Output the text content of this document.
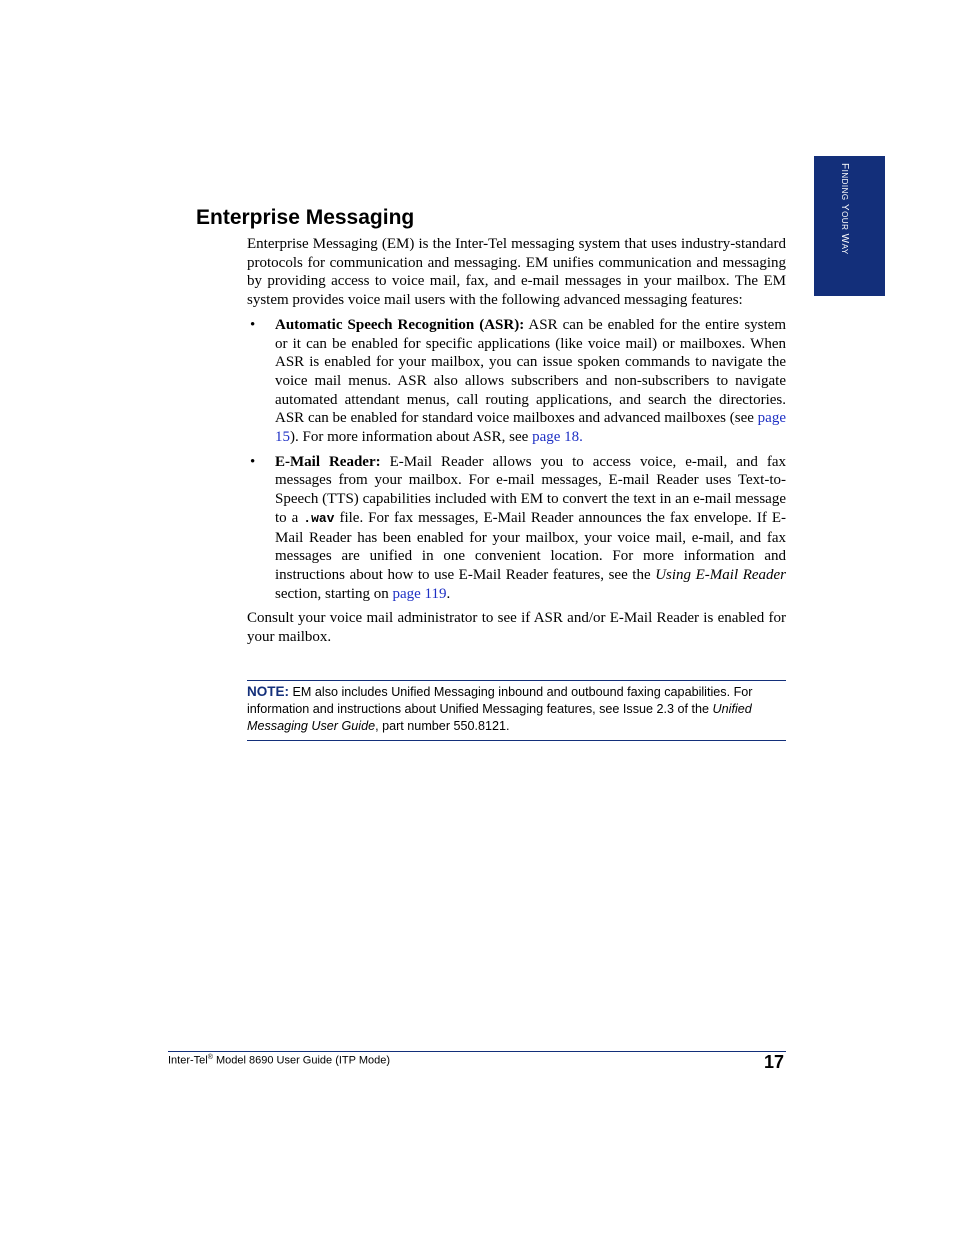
FINDING YOUR WAY
Enterprise Messaging

Enterprise Messaging (EM) is the Inter-Tel messaging system that uses industry-standard protocols for communication and messaging. EM unifies communication and messaging by providing access to voice mail, fax, and e-mail messages in your mailbox. The EM system provides voice mail users with the following advanced messaging features:

• Automatic Speech Recognition (ASR): ASR can be enabled for the entire system or it can be enabled for specific applications (like voice mail) or mailboxes. When ASR is enabled for your mailbox, you can issue spoken commands to navigate the voice mail menus. ASR also allows subscribers and non-subscribers to navigate automated attendant menus, call routing applications, and search the directories. ASR can be enabled for standard voice mailboxes and advanced mailboxes (see page 15). For more information about ASR, see page 18.
• E-Mail Reader: E-Mail Reader allows you to access voice, e-mail, and fax messages from your mailbox. For e-mail messages, E-mail Reader uses Text-to-Speech (TTS) capabilities included with EM to convert the text in an e-mail message to a .wav file. For fax messages, E-Mail Reader announces the fax envelope. If E-Mail Reader has been enabled for your mailbox, your voice mail, e-mail, and fax messages are unified in one convenient location. For more information and instructions about how to use E-Mail Reader features, see the Using E-Mail Reader section, starting on page 119.

Consult your voice mail administrator to see if ASR and/or E-Mail Reader is enabled for your mailbox.

NOTE: EM also includes Unified Messaging inbound and outbound faxing capabilities. For information and instructions about Unified Messaging features, see Issue 2.3 of the Unified Messaging User Guide, part number 550.8121.
Inter-Tel® Model 8690 User Guide (ITP Mode)	17
